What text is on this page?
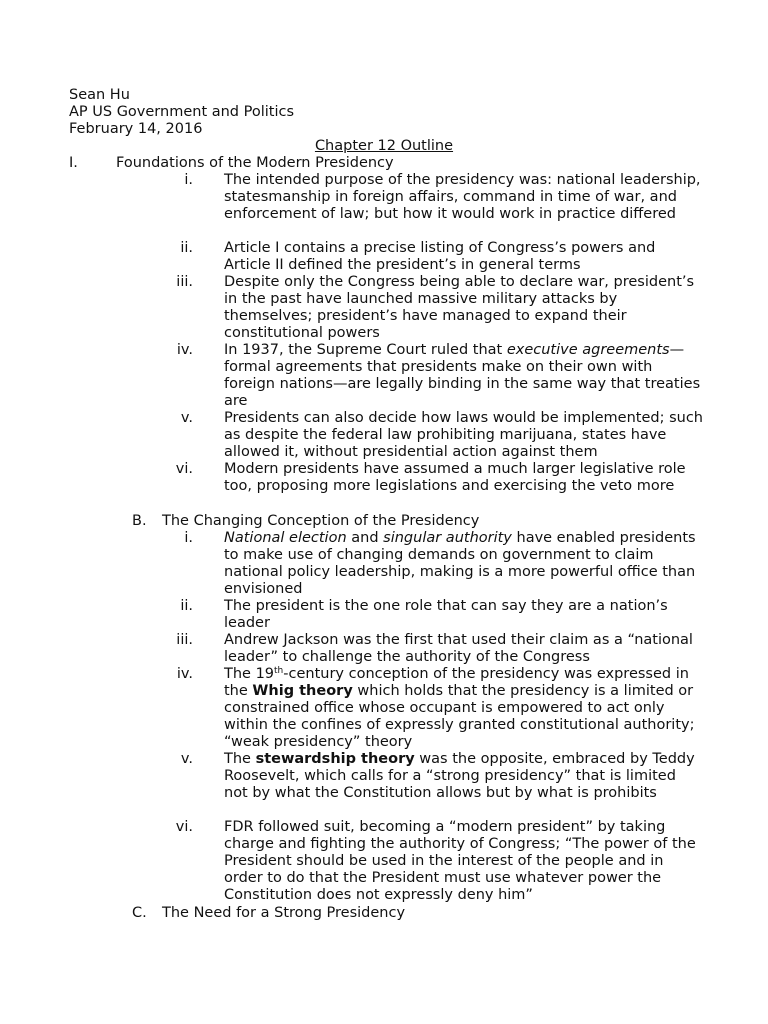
Sean Hu
AP US Government and Politics
February 14, 2016
Chapter 12 Outline
I.	Foundations of the Modern Presidency
i. The intended purpose of the presidency was: national leadership, statesmanship in foreign affairs, command in time of war, and enforcement of law; but how it would work in practice differed

ii. Article I contains a precise listing of Congress’s powers and Article II defined the president’s in general terms

iii. Despite only the Congress being able to declare war, president’s in the past have launched massive military attacks by themselves; president’s have managed to expand their constitutional powers

iv. In 1937, the Supreme Court ruled that executive agreements—formal agreements that presidents make on their own with foreign nations—are legally binding in the same way that treaties are

v. Presidents can also decide how laws would be implemented; such as despite the federal law prohibiting marijuana, states have allowed it, without presidential action against them

vi. Modern presidents have assumed a much larger legislative role too, proposing more legislations and exercising the veto more

B. The Changing Conception of the Presidency
i. National election and singular authority have enabled presidents to make use of changing demands on government to claim national policy leadership, making is a more powerful office than envisioned

ii. The president is the one role that can say they are a nation’s leader

iii. Andrew Jackson was the first that used their claim as a “national leader” to challenge the authority of the Congress

iv. The 19th-century conception of the presidency was expressed in the Whig theory which holds that the presidency is a limited or constrained office whose occupant is empowered to act only within the confines of expressly granted constitutional authority; “weak presidency” theory

v. The stewardship theory was the opposite, embraced by Teddy Roosevelt, which calls for a “strong presidency” that is limited not by what the Constitution allows but by what is prohibits

vi. FDR followed suit, becoming a “modern president” by taking charge and fighting the authority of Congress; “The power of the President should be used in the interest of the people and in order to do that the President must use whatever power the Constitution does not expressly deny him”

C. The Need for a Strong Presidency
